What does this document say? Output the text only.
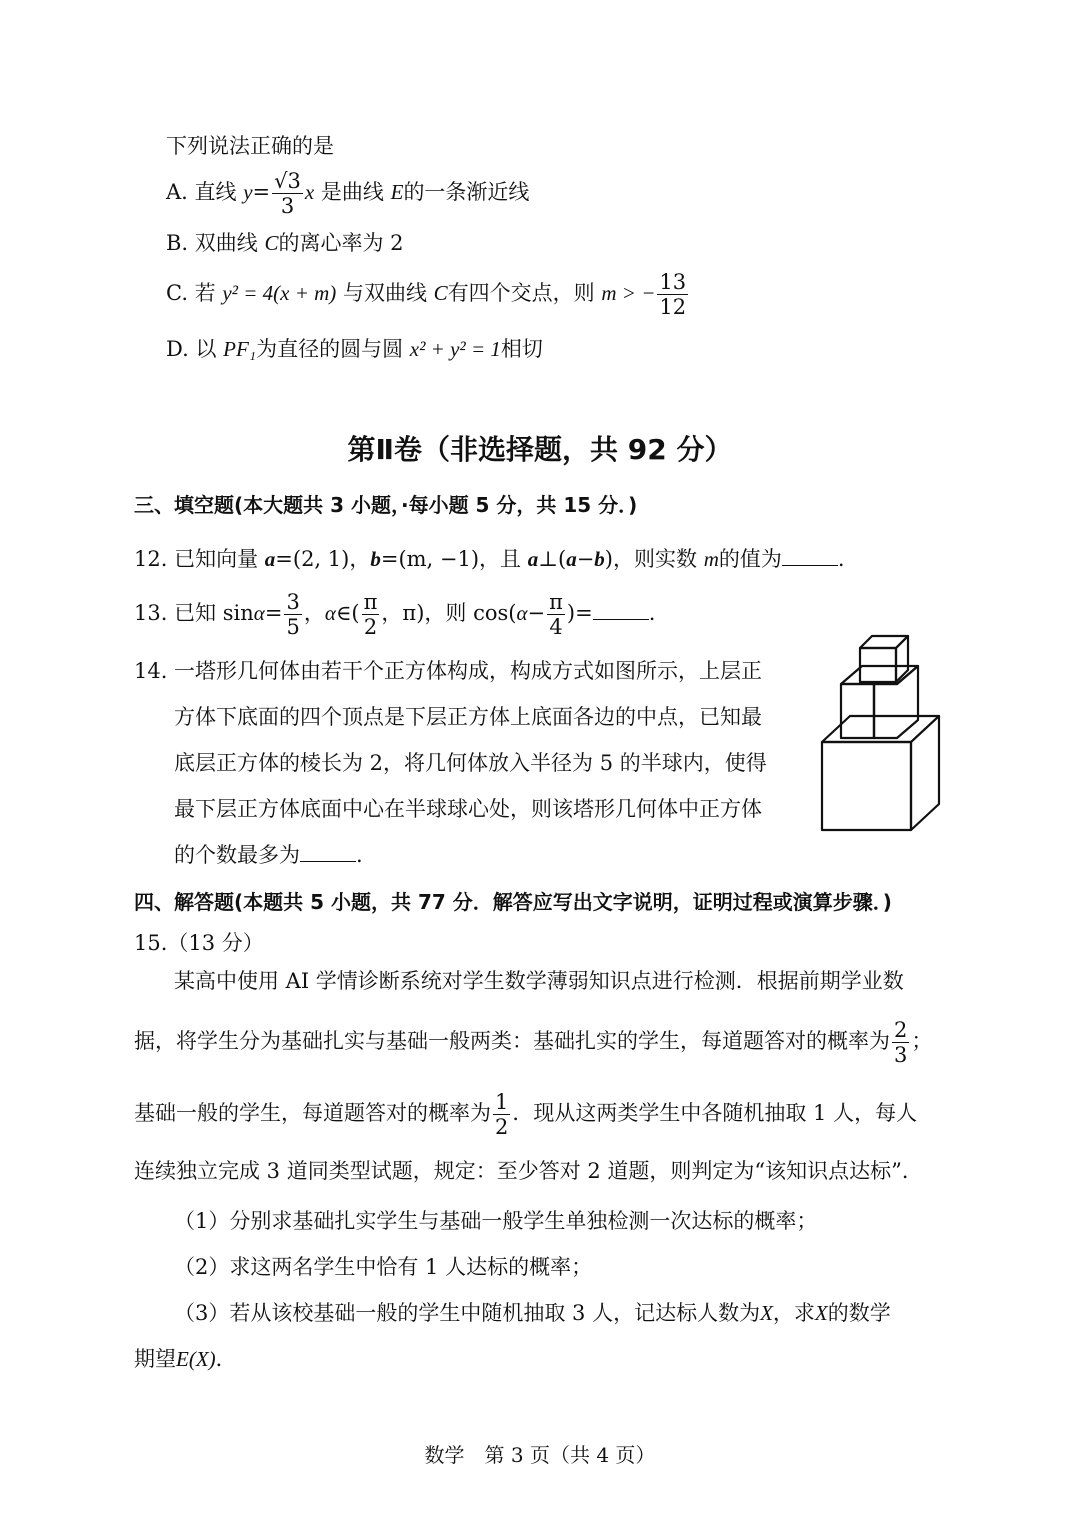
下列说法正确的是
A. 直线 $y= \frac{√3}{3}$ x 是曲线 E的一条渐近线
B. 双曲线 C的离心率为 2
C. 若 y² = 4(x + m) 与双曲线 C有四个交点，则 m > − $\frac{13}{12}$
D. 以 PF₁为直径的圆与圆 x² + y² = 1相切
第Ⅱ卷（非选择题，共 92 分）
三、填空题(本大题共 3 小题，·每小题 5 分，共 15 分．)
12. 已知向量 a=(2, 1)，b=(m, −1)，且 a⊥(a−b)，则实数 m的值为	.
13. 已知 $\sin\alpha= \frac{3}{5}$ ，α∈( $\frac{\pi}{2}$ ，π)，则 $\cos(\alpha- \frac{\pi}{4}$ )=	.
14. 一塔形几何体由若干个正方体构成，构成方式如图所示，上层正
方体下底面的四个顶点是下层正方体上底面各边的中点，已知最
底层正方体的棱长为 2，将几何体放入半径为 5 的半球内，使得
最下层正方体底面中心在半球球心处，则该塔形几何体中正方体
的个数最多为	.
四、解答题(本题共 5 小题，共 77 分．解答应写出文字说明，证明过程或演算步骤．)
15.（13 分）
某高中使用 AI 学情诊断系统对学生数学薄弱知识点进行检测．根据前期学业数
据，将学生分为基础扎实与基础一般两类：基础扎实的学生，每道题答对的概率为 $\frac{2}{3}$ ；
基础一般的学生，每道题答对的概率为 $\frac{1}{2}$ ．现从这两类学生中各随机抽取 1 人，每人
连续独立完成 3 道同类型试题，规定：至少答对 2 道题，则判定为“该知识点达标”．
（1）分别求基础扎实学生与基础一般学生单独检测一次达标的概率；
（2）求这两名学生中恰有 1 人达标的概率；
（3）若从该校基础一般的学生中随机抽取 3 人，记达标人数为X，求X的数学
期望E(X)．
数学　第 3 页（共 4 页）
